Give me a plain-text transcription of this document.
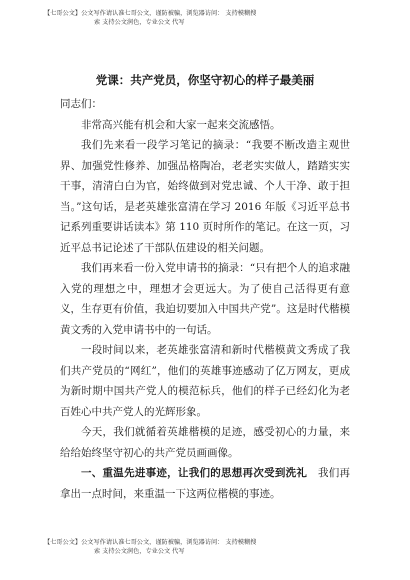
【七哥公文】公文写作请认准七哥公文，谨防被骗，浏览器访问： 支持模糊搜
索 支持公文润色，专业公文 代写
党课：共产党员，你坚守初心的样子最美丽

同志们：

非常高兴能有机会和大家一起来交流感悟。

我们先来看一段学习笔记的摘录：“我要不断改造主观世界、加强党性修养、加强品格陶冶，老老实实做人，踏踏实实干事，清清白白为官，始终做到对党忠诚、个人干净、敢于担当。”这句话，是老英雄张富清在学习 2016 年版《习近平总书记系列重要讲话读本》第 110 页时所作的笔记。在这一页，习近平总书记论述了干部队伍建设的相关问题。

我们再来看一份入党申请书的摘录：“只有把个人的追求融入党的理想之中，理想才会更远大。为了使自己活得更有意义，生存更有价值，我迫切要加入中国共产党”。这是时代楷模黄文秀的入党申请书中的一句话。

一段时间以来，老英雄张富清和新时代楷模黄文秀成了我们共产党员的“网红”，他们的英雄事迹感动了亿万网友，更成为新时期中国共产党人的模范标兵，他们的样子已经幻化为老百姓心中共产党人的光辉形象。

今天，我们就循着英雄楷模的足迹，感受初心的力量，来给给始终坚守初心的共产党员画画像。

一、重温先进事迹，让我们的思想再次受到洗礼  我们再拿出一点时间，来重温一下这两位楷模的事迹。

【七哥公文】公文写作请认准七哥公文，谨防被骗，浏览器访问： 支持模糊搜
索 支持公文润色，专业公文 代写
